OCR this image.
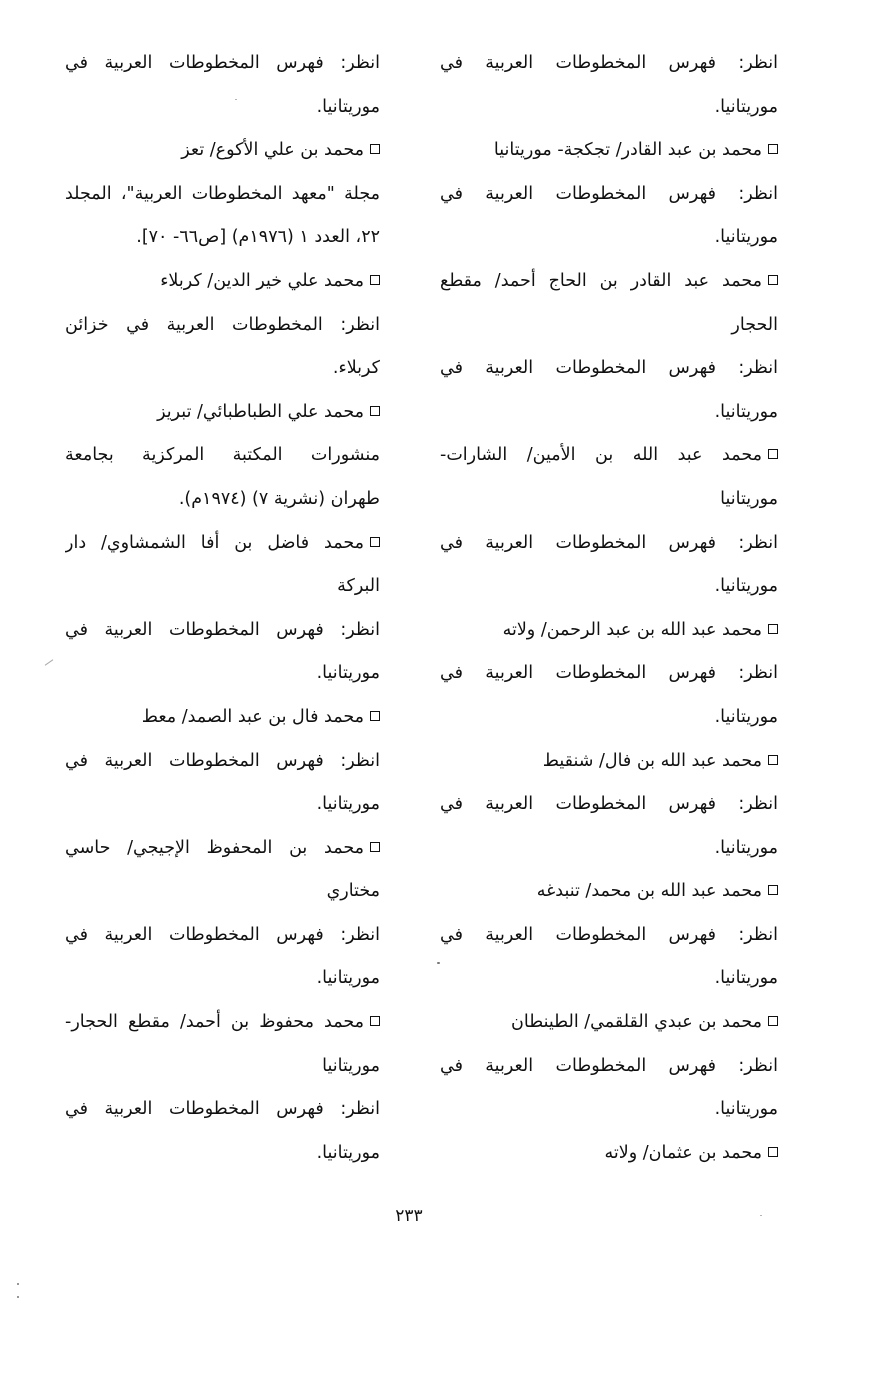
انظر: فهرس المخطوطات العربية في
موريتانيا.
محمد بن عبد القادر/ تجكجة- موريتانيا
انظر: فهرس المخطوطات العربية في
موريتانيا.
محمد عبد القادر بن الحاج أحمد/ مقطع
الحجار
انظر: فهرس المخطوطات العربية في
موريتانيا.
محمد عبد الله بن الأمين/ الشارات-
موريتانيا
انظر: فهرس المخطوطات العربية في
موريتانيا.
محمد عبد الله بن عبد الرحمن/ ولاته
انظر: فهرس المخطوطات العربية في
موريتانيا.
محمد عبد الله بن فال/ شنقيط
انظر: فهرس المخطوطات العربية في
موريتانيا.
محمد عبد الله بن محمد/ تنبدغه
انظر: فهرس المخطوطات العربية في
موريتانيا.
محمد بن عبدي القلقمي/ الطينطان
انظر: فهرس المخطوطات العربية في
موريتانيا.
محمد بن عثمان/ ولاته
انظر: فهرس المخطوطات العربية في
موريتانيا.
محمد بن علي الأكوع/ تعز
مجلة "معهد المخطوطات العربية"، المجلد
٢٢، العدد ١ (١٩٧٦م) [ص٦٦- ٧٠].
محمد علي خير الدين/ كربلاء
انظر: المخطوطات العربية في خزائن
كربلاء.
محمد علي الطباطبائي/ تبريز
منشورات المكتبة المركزية بجامعة
طهران (نشرية ٧) (١٩٧٤م).
محمد فاضل بن أفا الشمشاوي/ دار
البركة
انظر: فهرس المخطوطات العربية في
موريتانيا.
محمد فال بن عبد الصمد/ معط
انظر: فهرس المخطوطات العربية في
موريتانيا.
محمد بن المحفوظ الإجيجي/ حاسي
مختاري
انظر: فهرس المخطوطات العربية في
موريتانيا.
محمد محفوظ بن أحمد/ مقطع الحجار-
موريتانيا
انظر: فهرس المخطوطات العربية في
موريتانيا.
٢٣٣
